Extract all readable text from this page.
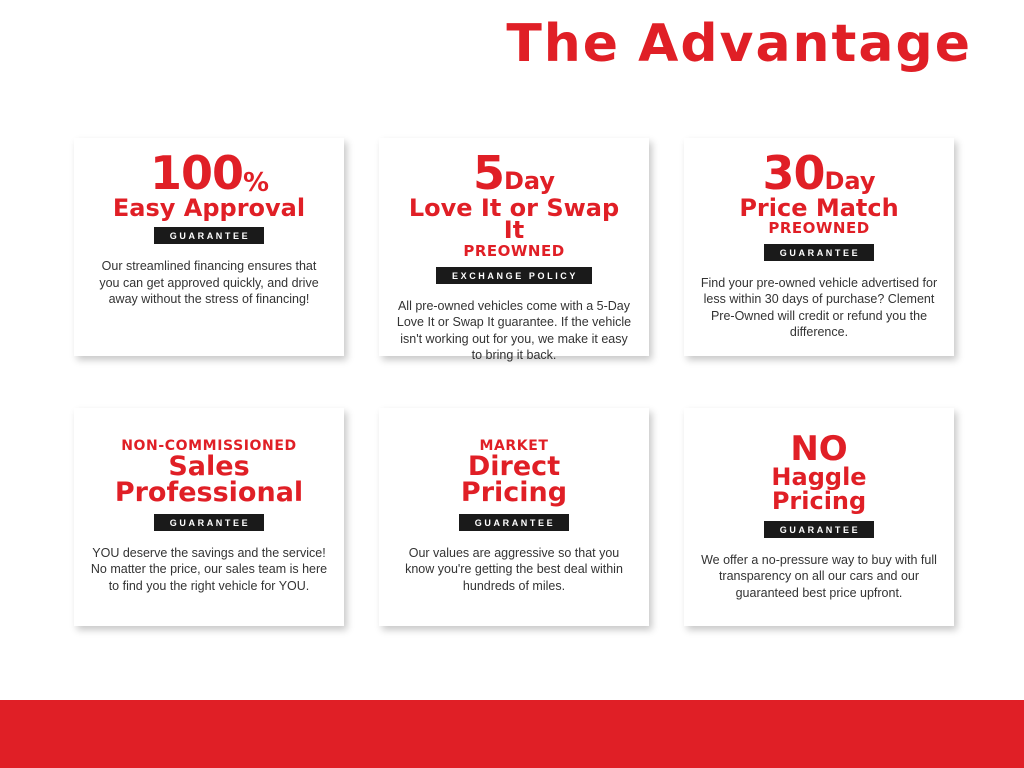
The Advantage
100%
Easy Approval
GUARANTEE
Our streamlined financing ensures that you can get approved quickly, and drive away without the stress of financing!
5Day
Love It or Swap It
PREOWNED
EXCHANGE POLICY
All pre-owned vehicles come with a 5-Day Love It or Swap It guarantee. If the vehicle isn't working out for you, we make it easy to bring it back.
30Day
Price Match
PREOWNED
GUARANTEE
Find your pre-owned vehicle advertised for less within 30 days of purchase? Clement Pre-Owned will credit or refund you the difference.
NON-COMMISSIONED
Sales
Professional
GUARANTEE
YOU deserve the savings and the service! No matter the price, our sales team is here to find you the right vehicle for YOU.
MARKET
Direct
Pricing
GUARANTEE
Our values are aggressive so that you know you're getting the best deal within hundreds of miles.
NO
Haggle
Pricing
GUARANTEE
We offer a no-pressure way to buy with full transparency on all our cars and our guaranteed best price upfront.
